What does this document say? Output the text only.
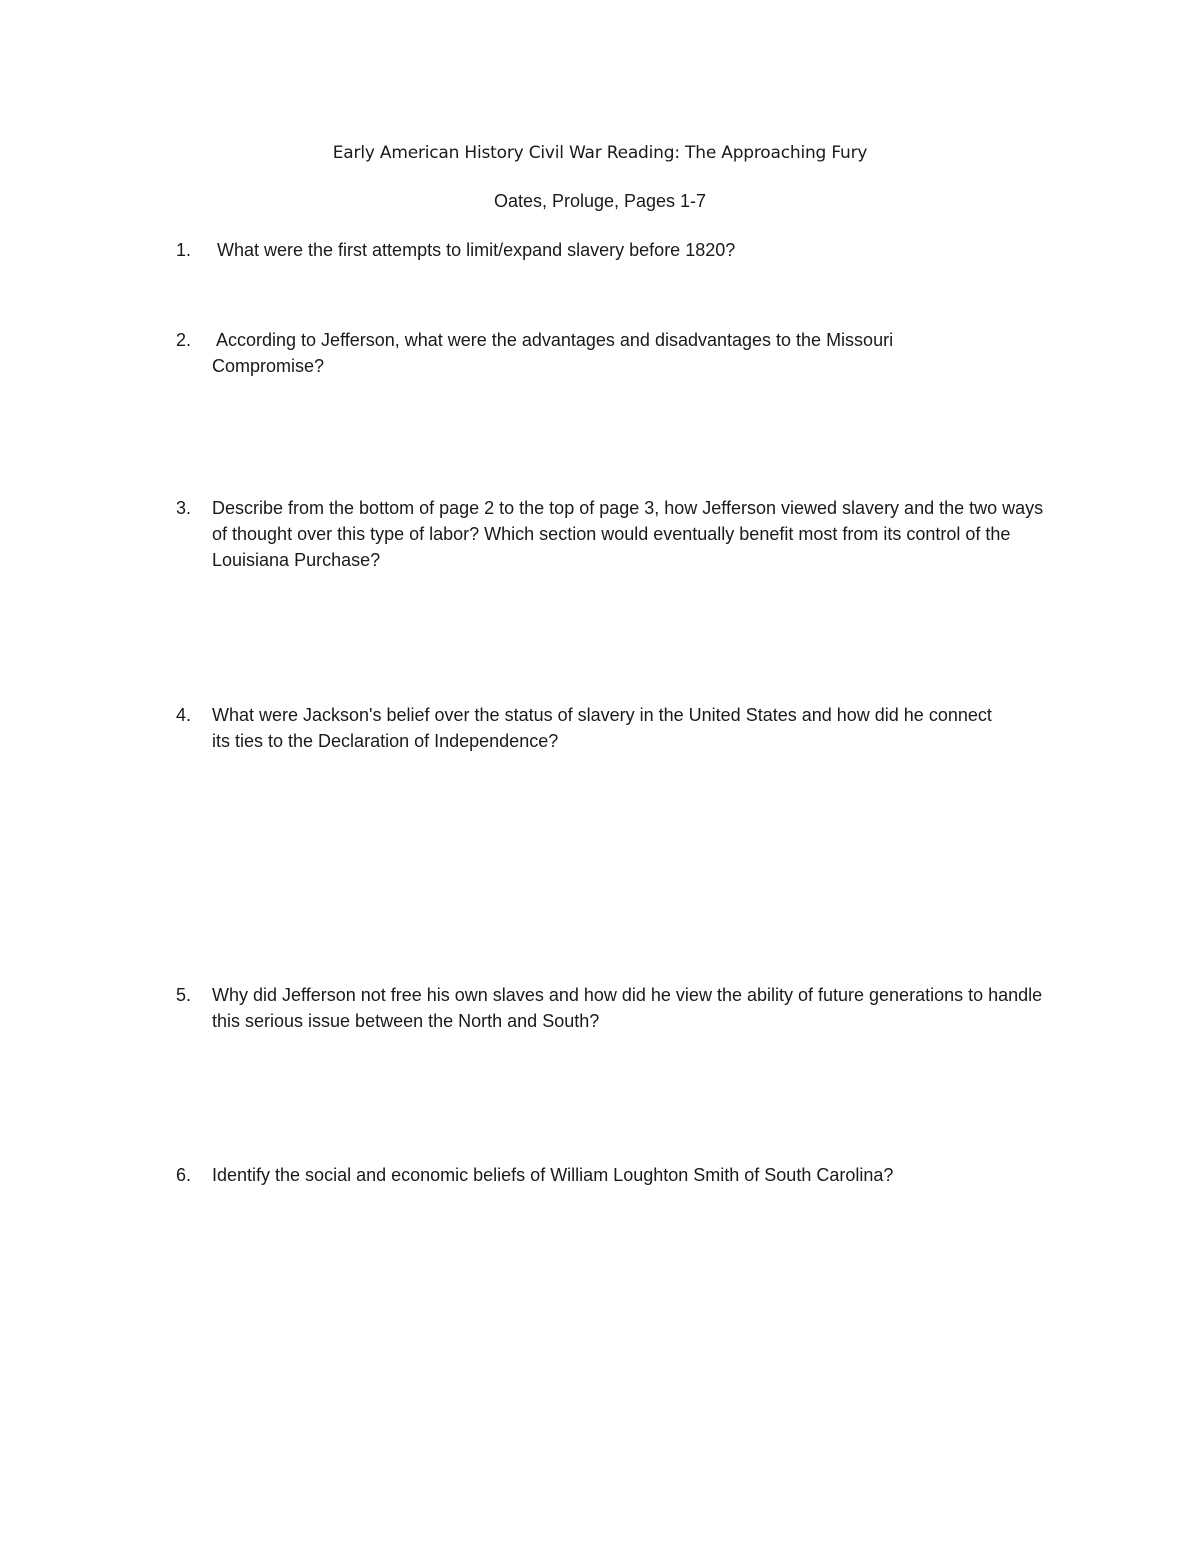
Early American History Civil War Reading: The Approaching Fury
Oates, Proluge, Pages 1-7
1. What were the first attempts to limit/expand slavery before 1820?
2. According to Jefferson, what were the advantages and disadvantages to the Missouri Compromise?
3. Describe from the bottom of page 2 to the top of page 3, how Jefferson viewed slavery and the two ways of thought over this type of labor? Which section would eventually benefit most from its control of the Louisiana Purchase?
4. What were Jackson's belief over the status of slavery in the United States and how did he connect its ties to the Declaration of Independence?
5. Why did Jefferson not free his own slaves and how did he view the ability of future generations to handle this serious issue between the North and South?
6. Identify the social and economic beliefs of William Loughton Smith of South Carolina?
